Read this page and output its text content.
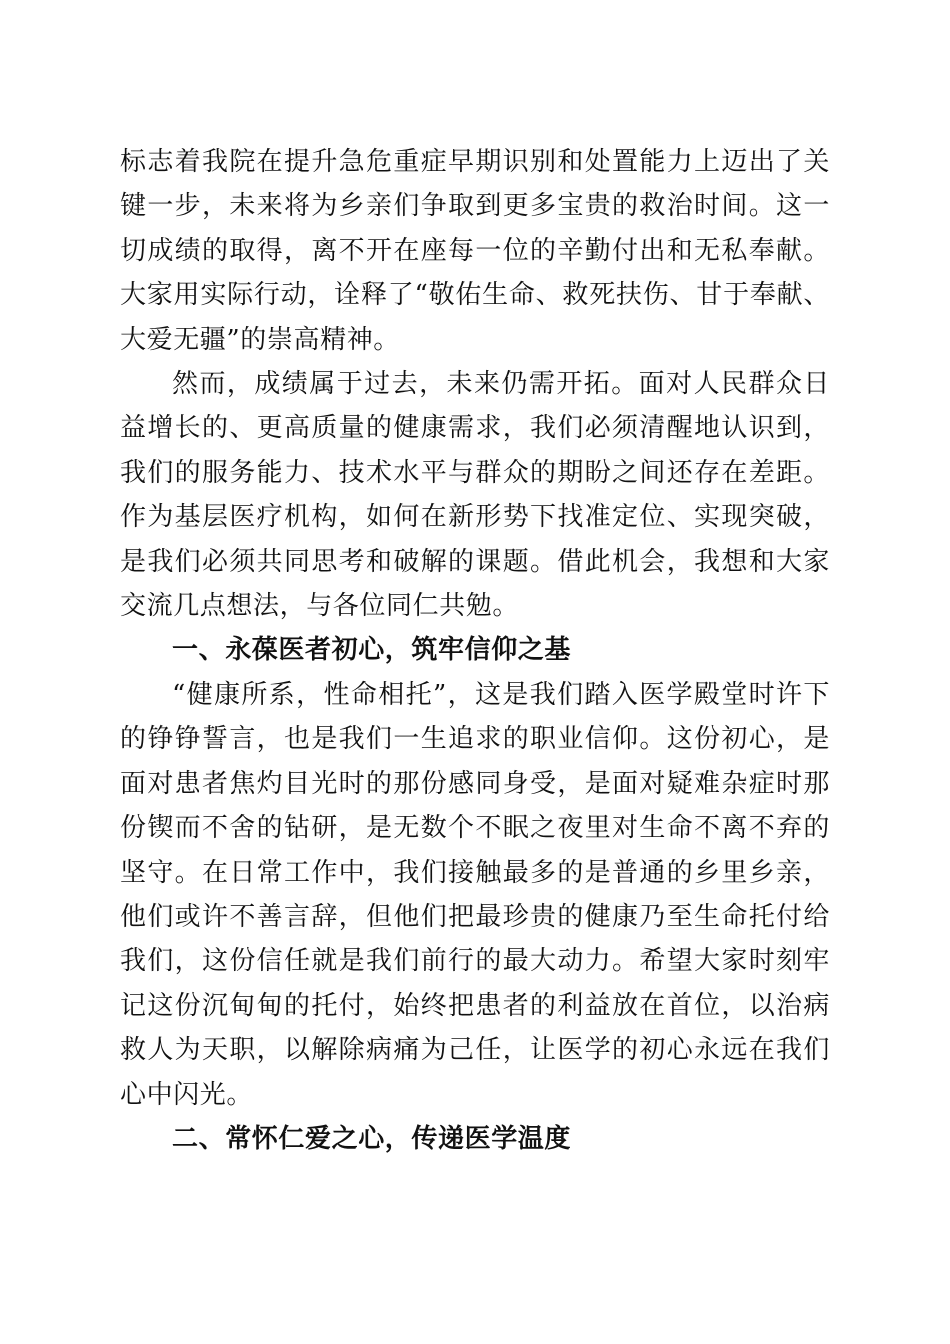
标志着我院在提升急危重症早期识别和处置能力上迈出了关键一步，未来将为乡亲们争取到更多宝贵的救治时间。这一切成绩的取得，离不开在座每一位的辛勤付出和无私奉献。大家用实际行动，诠释了“敬佑生命、救死扶伤、甘于奉献、大爱无疆”的崇高精神。

然而，成绩属于过去，未来仍需开拓。面对人民群众日益增长的、更高质量的健康需求，我们必须清醒地认识到，我们的服务能力、技术水平与群众的期盼之间还存在差距。作为基层医疗机构，如何在新形势下找准定位、实现突破，是我们必须共同思考和破解的课题。借此机会，我想和大家交流几点想法，与各位同仁共勉。

一、永葆医者初心，筑牢信仰之基

“健康所系，性命相托”，这是我们踏入医学殿堂时许下的铮铮誓言，也是我们一生追求的职业信仰。这份初心，是面对患者焦灼目光时的那份感同身受，是面对疑难杂症时那份锲而不舍的钻研，是无数个不眠之夜里对生命不离不弃的坚守。在日常工作中，我们接触最多的是普通的乡里乡亲，他们或许不善言辞，但他们把最珍贵的健康乃至生命托付给我们，这份信任就是我们前行的最大动力。希望大家时刻牢记这份沉甸甸的托付，始终把患者的利益放在首位，以治病救人为天职，以解除病痛为己任，让医学的初心永远在我们心中闪光。

二、常怀仁爱之心，传递医学温度
